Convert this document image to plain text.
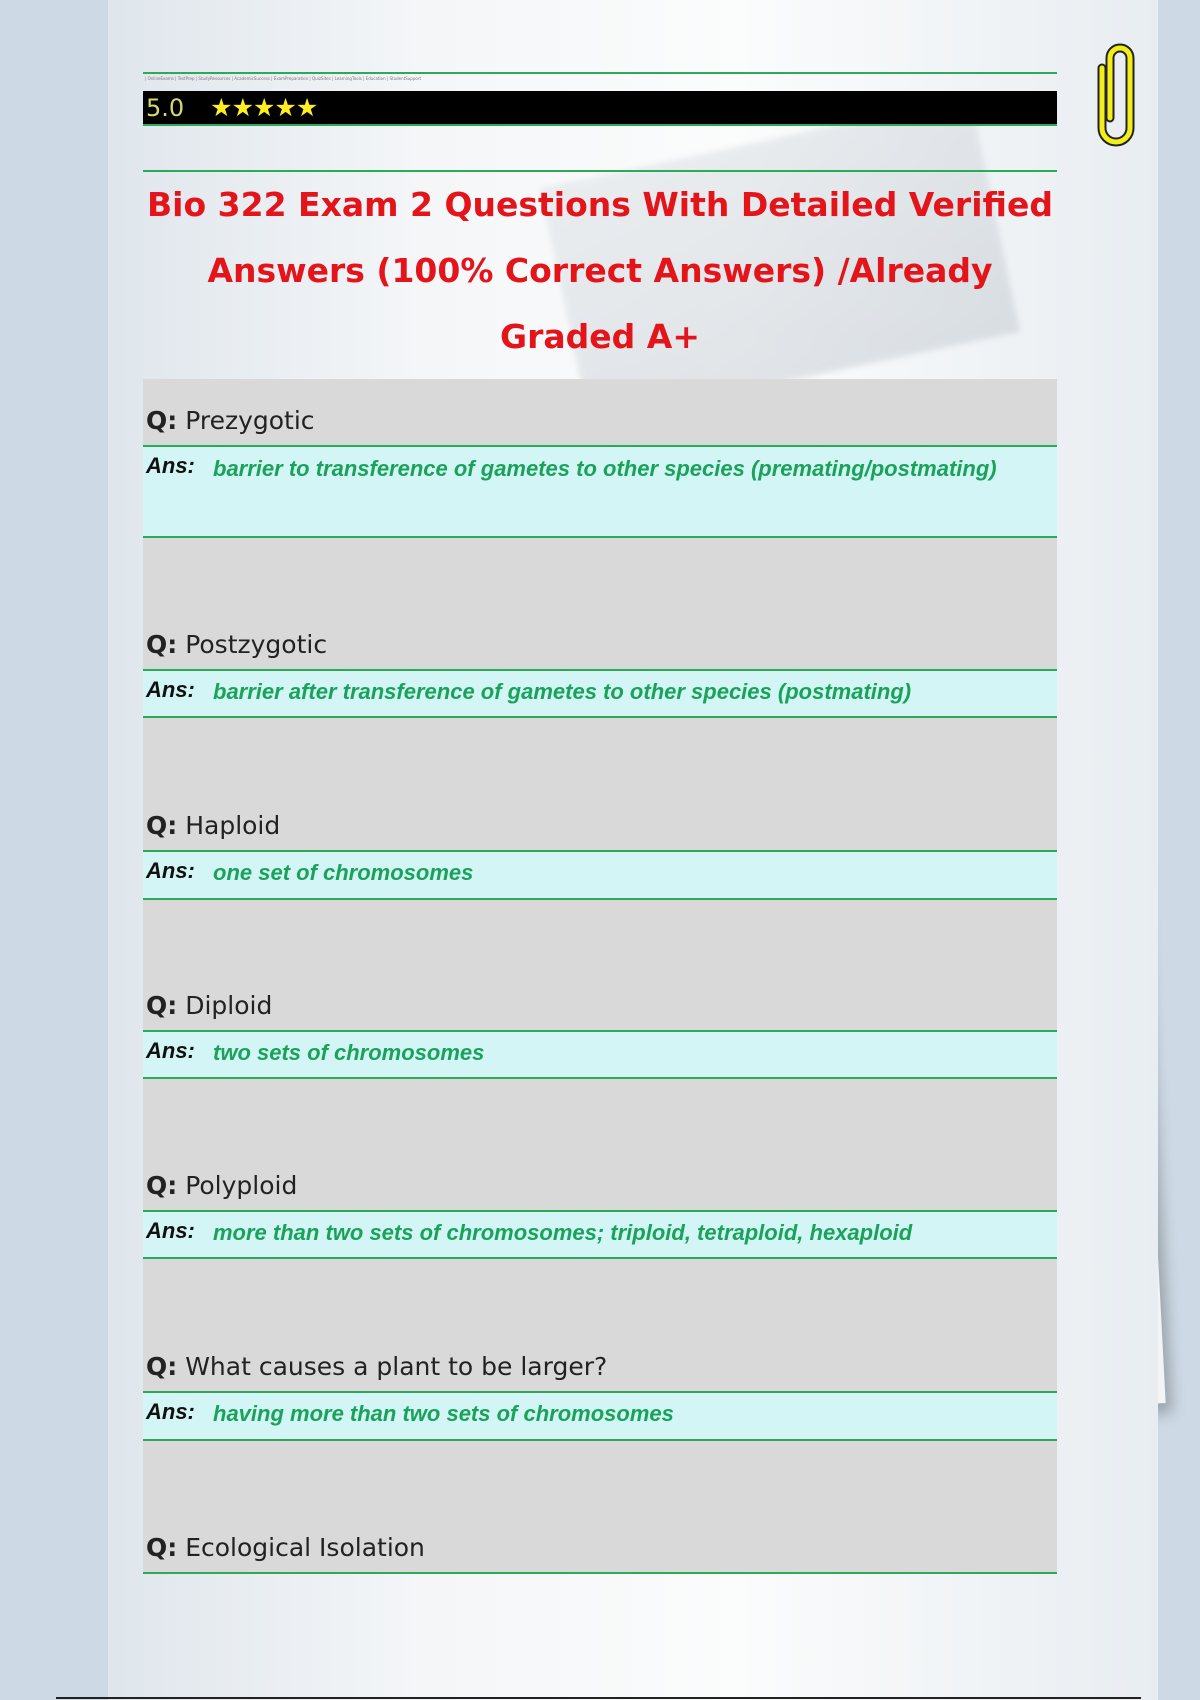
| OnlineExams | TestPrep | StudyResources | AcademicSuccess | ExamPreparation | QuizSites | LearningTools | Education | StudentSupport
5.0 ★★★★★
Bio 322 Exam 2 Questions With Detailed Verified Answers (100% Correct Answers) /Already Graded A+
Q: Prezygotic
Ans: barrier to transference of gametes to other species (premating/postmating)
Q: Postzygotic
Ans: barrier after transference of gametes to other species (postmating)
Q: Haploid
Ans: one set of chromosomes
Q: Diploid
Ans: two sets of chromosomes
Q: Polyploid
Ans: more than two sets of chromosomes; triploid, tetraploid, hexaploid
Q: What causes a plant to be larger?
Ans: having more than two sets of chromosomes
Q: Ecological Isolation
